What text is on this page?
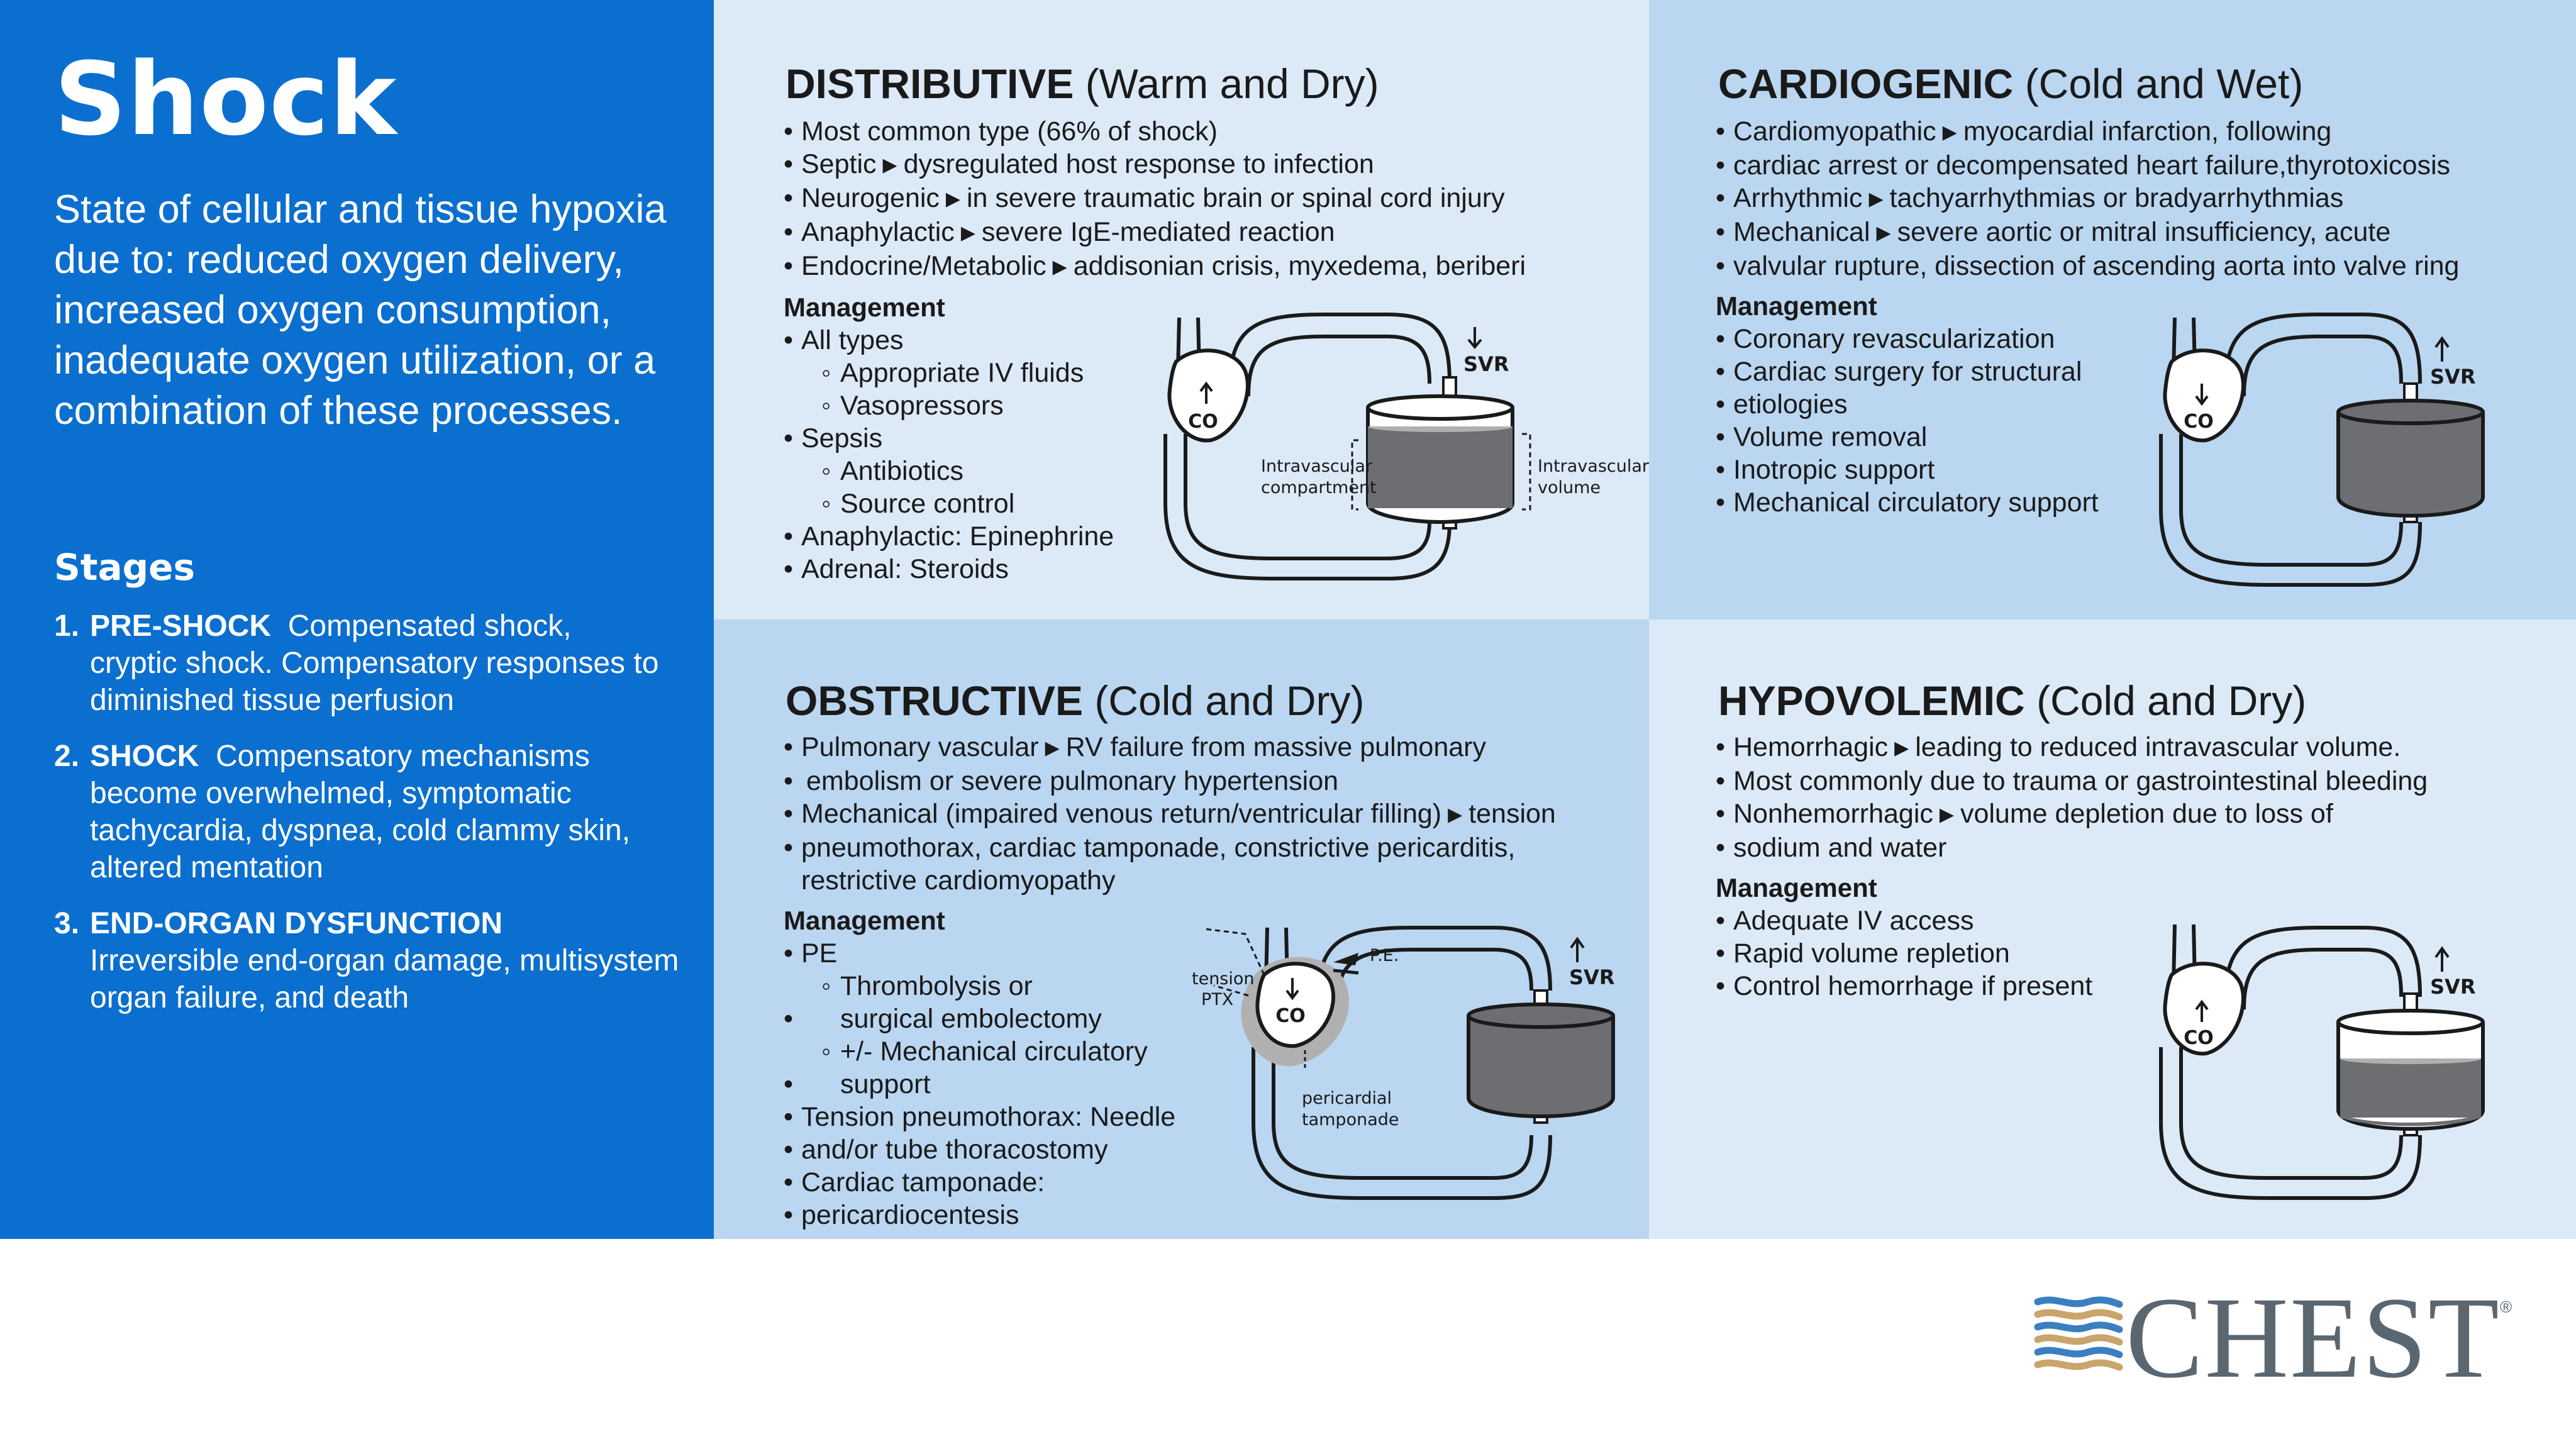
Shock
State of cellular and tissue hypoxia due to: reduced oxygen delivery, increased oxygen consumption, inadequate oxygen utilization, or a combination of these processes.
Stages
1. PRE-SHOCK Compensated shock,
cryptic shock. Compensatory responses to diminished tissue perfusion
2. SHOCK Compensatory mechanisms
become overwhelmed, symptomatic tachycardia, dyspnea, cold clammy skin, altered mentation
3. END-ORGAN DYSFUNCTION
Irreversible end-organ damage, multisystem organ failure, and death
DISTRIBUTIVE (Warm and Dry)
• Most common type (66% of shock)
• Septic ▶ dysregulated host response to infection
• Neurogenic ▶ in severe traumatic brain or spinal cord injury
• Anaphylactic ▶ severe IgE-mediated reaction
• Endocrine/Metabolic ▶ addisonian crisis, myxedema, beriberi
Management
• All types
◦ Appropriate IV fluids
◦ Vasopressors
• Sepsis
◦ Antibiotics
◦ Source control
• Anaphylactic: Epinephrine
• Adrenal: Steroids
CO
SVR
Intravascular
compartment
Intravascular
volume
CARDIOGENIC (Cold and Wet)
• Cardiomyopathic ▶ myocardial infarction, following
• cardiac arrest or decompensated heart failure,thyrotoxicosis
• Arrhythmic ▶ tachyarrhythmias or bradyarrhythmias
• Mechanical ▶ severe aortic or mitral insufficiency, acute
• valvular rupture, dissection of ascending aorta into valve ring
Management
• Coronary revascularization
• Cardiac surgery for structural
• etiologies
• Volume removal
• Inotropic support
• Mechanical circulatory support
CO
SVR
OBSTRUCTIVE (Cold and Dry)
• Pulmonary vascular ▶ RV failure from massive pulmonary
• embolism or severe pulmonary hypertension
• Mechanical (impaired venous return/ventricular filling) ▶ tension
• pneumothorax, cardiac tamponade, constrictive pericarditis, restrictive cardiomyopathy
Management
• PE
◦ Thrombolysis or
• surgical embolectomy
◦ +/- Mechanical circulatory
• support
• Tension pneumothorax: Needle
• and/or tube thoracostomy
• Cardiac tamponade:
• pericardiocentesis
CO
P.E.
tension
PTX
pericardial
tamponade
SVR
HYPOVOLEMIC (Cold and Dry)
• Hemorrhagic ▶ leading to reduced intravascular volume.
• Most commonly due to trauma or gastrointestinal bleeding
• Nonhemorrhagic ▶ volume depletion due to loss of
• sodium and water
Management
• Adequate IV access
• Rapid volume repletion
• Control hemorrhage if present
CO
SVR
CHEST ®
